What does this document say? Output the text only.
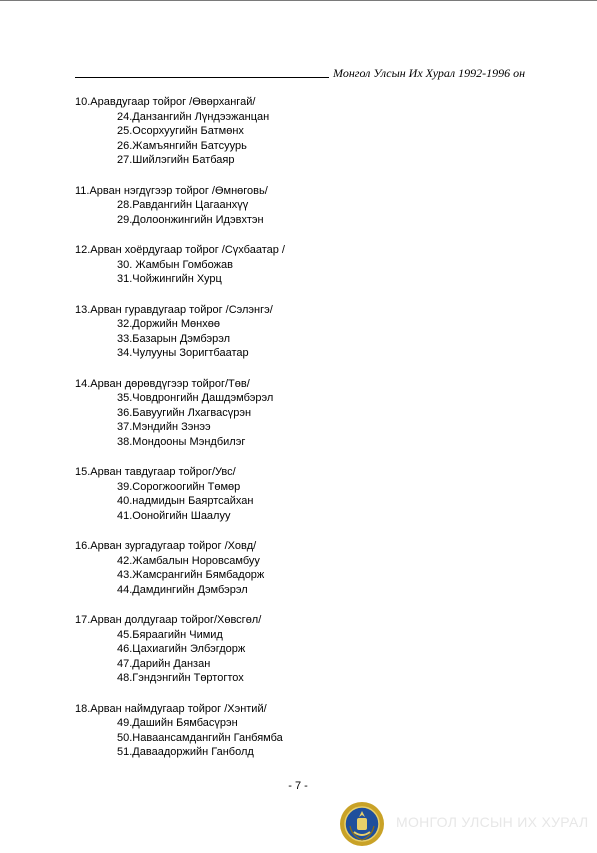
Монгол Улсын Их Хурал 1992-1996 он
10.Аравдугаар тойрог /Өвөрхангай/
24.Данзангийн Лүндээжанцан
25.Осорхуугийн Батмөнх
26.Жамъянгийн Батсуурь
27.Шийлэгийн Батбаяр
11.Арван нэгдүгээр тойрог /Өмнөговь/
28.Равдангийн Цагаанхүү
29.Долоонжингийн Идэвхтэн
12.Арван хоёрдугаар тойрог /Сүхбаатар /
30. Жамбын Гомбожав
31.Чойжингийн Хурц
13.Арван гуравдугаар тойрог /Сэлэнгэ/
32.Доржийн Мөнхөө
33.Базарын Дэмбэрэл
34.Чулууны Зоригтбаатар
14.Арван дөрөвдүгээр тойрог/Төв/
35.Човдронгийн Дашдэмбэрэл
36.Бавуугийн Лхагвасүрэн
37.Мэндийн Зэнээ
38.Мондооны Мэндбилэг
15.Арван тавдугаар тойрог/Увс/
39.Сорогжоогийн Төмөр
40.надмидын Баяртсайхан
41.Оонойгийн Шаалуу
16.Арван зургадугаар тойрог /Ховд/
42.Жамбалын Норовсамбуу
43.Жамсрангийн Бямбадорж
44.Дамдингийн Дэмбэрэл
17.Арван долдугаар тойрог/Хөвсгөл/
45.Бяраагийн Чимид
46.Цахиагийн Элбэгдорж
47.Дарийн Данзан
48.Гэндэнгийн Төртогтох
18.Арван наймдугаар тойрог /Хэнтий/
49.Дашийн Бямбасүрэн
50.Наваансамдангийн Ганбямба
51.Даваадоржийн Ганболд
- 7 -
МОНГОЛ УЛСЫН ИХ ХУРАЛ
